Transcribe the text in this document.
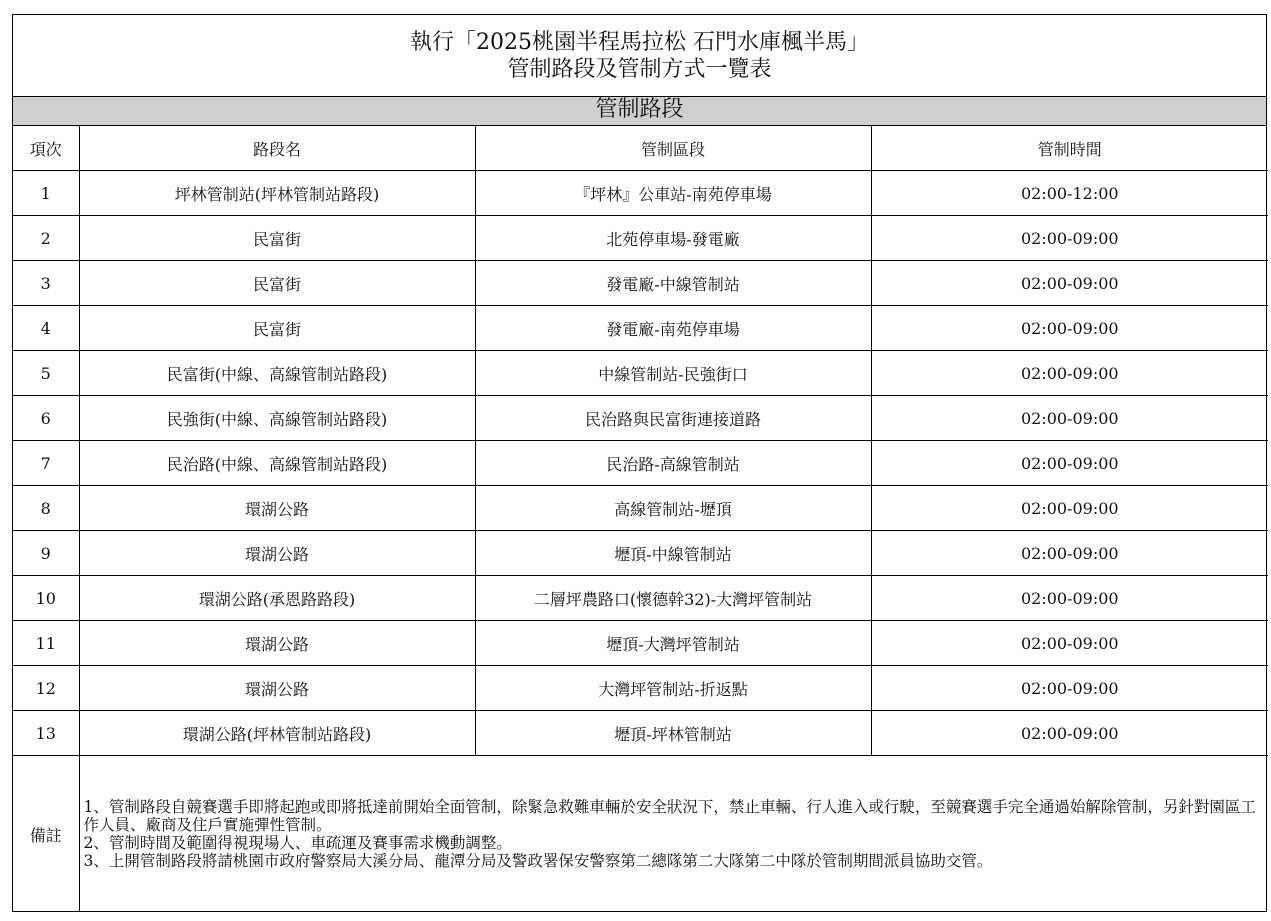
執行「2025桃園半程馬拉松 石門水庫楓半馬」
管制路段及管制方式一覽表
管制路段
項次	路段名	管制區段	管制時間
1	坪林管制站(坪林管制站路段)	『坪林』公車站-南苑停車場	02:00-12:00
2	民富街	北苑停車場-發電廠	02:00-09:00
3	民富街	發電廠-中線管制站	02:00-09:00
4	民富街	發電廠-南苑停車場	02:00-09:00
5	民富街(中線、高線管制站路段)	中線管制站-民強街口	02:00-09:00
6	民強街(中線、高線管制站路段)	民治路與民富街連接道路	02:00-09:00
7	民治路(中線、高線管制站路段)	民治路-高線管制站	02:00-09:00
8	環湖公路	高線管制站-壢頂	02:00-09:00
9	環湖公路	壢頂-中線管制站	02:00-09:00
10	環湖公路(承恩路路段)	二層坪農路口(懷德幹32)-大灣坪管制站	02:00-09:00
11	環湖公路	壢頂-大灣坪管制站	02:00-09:00
12	環湖公路	大灣坪管制站-折返點	02:00-09:00
13	環湖公路(坪林管制站路段)	壢頂-坪林管制站	02:00-09:00
備註	1、管制路段自競賽選手即將起跑或即將抵達前開始全面管制，除緊急救難車輛於安全狀況下，禁止車輛、行人進入或行駛，至競賽選手完全通過始解除管制，另針對園區工作人員、廠商及住戶實施彈性管制。
2、管制時間及範圍得視現場人、車疏運及賽事需求機動調整。
3、上開管制路段將請桃園市政府警察局大溪分局、龍潭分局及警政署保安警察第二總隊第二大隊第二中隊於管制期間派員協助交管。		
